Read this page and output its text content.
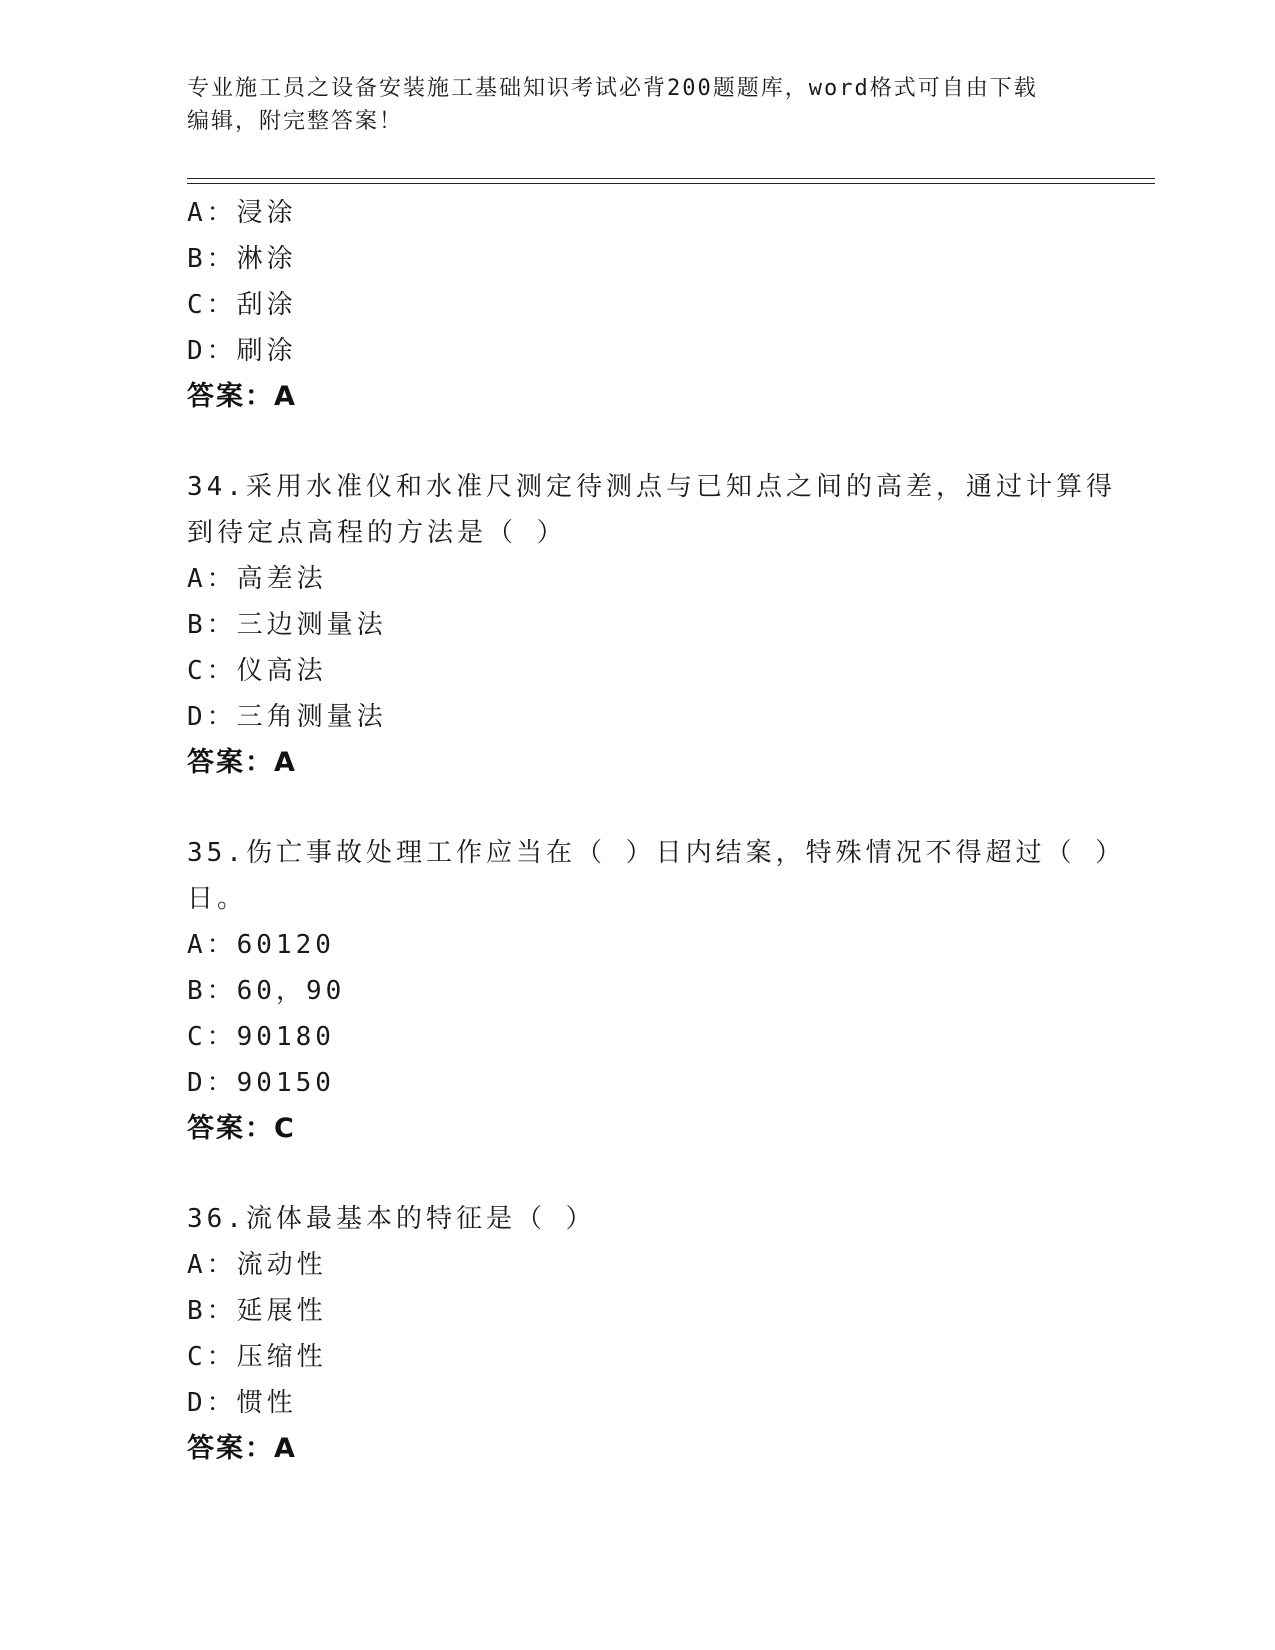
专业施工员之设备安装施工基础知识考试必背200题题库，word格式可自由下载
编辑，附完整答案！
A：浸涂
B：淋涂
C：刮涂
D：刷涂
答案：A
34.采用水准仪和水准尺测定待测点与已知点之间的高差，通过计算得
到待定点高程的方法是（ ）
A：高差法
B：三边测量法
C：仪高法
D：三角测量法
答案：A
35.伤亡事故处理工作应当在（ ）日内结案，特殊情况不得超过（ ）
日。
A：60120
B：60，90
C：90180
D：90150
答案：C
36.流体最基本的特征是（ ）
A：流动性
B：延展性
C：压缩性
D：惯性
答案：A
